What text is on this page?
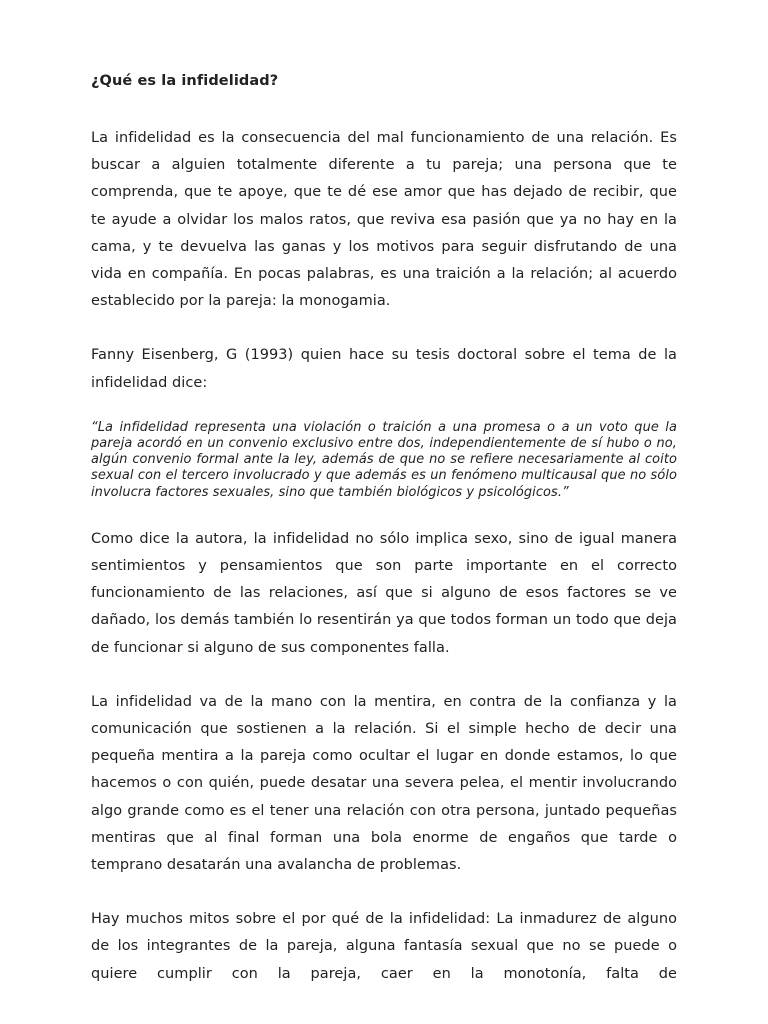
¿Qué es la infidelidad?

La infidelidad es la consecuencia del mal funcionamiento de una relación. Es buscar a alguien totalmente diferente a tu pareja; una persona que te comprenda, que te apoye, que te dé ese amor que has dejado de recibir, que te ayude a olvidar los malos ratos, que reviva esa pasión que ya no hay en la cama, y te devuelva las ganas y los motivos para seguir disfrutando de una vida en compañía. En pocas palabras, es una traición a la relación; al acuerdo establecido por la pareja: la monogamia.

Fanny Eisenberg, G (1993) quien hace su tesis doctoral sobre el tema de la infidelidad dice:

“La infidelidad representa una violación o traición a una promesa o a un voto que la pareja acordó en un convenio exclusivo entre dos, independientemente de sí hubo o no, algún convenio formal ante la ley, además de que no se refiere necesariamente al coito sexual con el tercero involucrado y que además es un fenómeno multicausal que no sólo involucra factores sexuales, sino que también biológicos y psicológicos.”

Como dice la autora, la infidelidad no sólo implica sexo, sino de igual manera sentimientos y pensamientos que son parte importante en el correcto funcionamiento de las relaciones, así que si alguno de esos factores se ve dañado, los demás también lo resentirán ya que todos forman un todo que deja de funcionar si alguno de sus componentes falla.

La infidelidad va de la mano con la mentira, en contra de la confianza y la comunicación que sostienen a la relación. Si el simple hecho de decir una pequeña mentira a la pareja como ocultar el lugar en donde estamos, lo que hacemos o con quién, puede desatar una severa pelea, el mentir involucrando algo grande como es el tener una relación con otra persona, juntado pequeñas mentiras que al final forman una bola enorme de engaños que tarde o temprano desatarán una avalancha de problemas.

Hay muchos mitos sobre el por qué de la infidelidad: La inmadurez de alguno de los integrantes de la pareja, alguna fantasía sexual que no se puede o quiere cumplir con la pareja, caer en la monotonía, falta de
